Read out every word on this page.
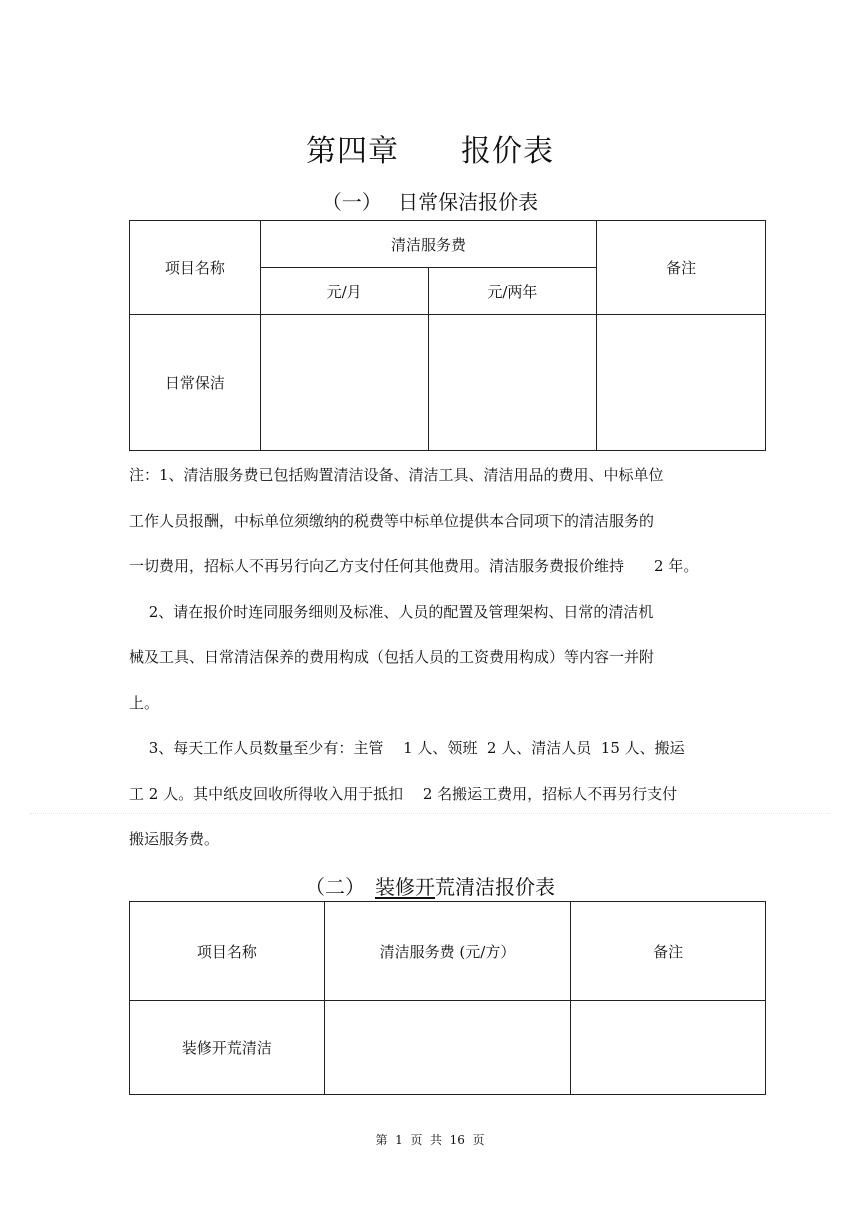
第四章　　报价表
（一）　 日常保洁报价表
项目名称	清洁服务费		备注
	元/月	元/两年	
日常保洁			
注：1、清洁服务费已包括购置清洁设备、清洁工具、清洁用品的费用、中标单位
工作人员报酬，中标单位须缴纳的税费等中标单位提供本合同项下的清洁服务的
一切费用，招标人不再另行向乙方支付任何其他费用。清洁服务费报价维持　　2 年。
　 2、请在报价时连同服务细则及标准、人员的配置及管理架构、日常的清洁机
械及工具、日常清洁保养的费用构成（包括人员的工资费用构成）等内容一并附
上。
　 3、每天工作人员数量至少有：主管　 1 人、领班  2 人、清洁人员  15 人、搬运
工 2 人。其中纸皮回收所得收入用于抵扣　 2 名搬运工费用，招标人不再另行支付
搬运服务费。
（二）　 装修开荒清洁报价表
项目名称	清洁服务费 (元/方）	备注
装修开荒清洁		
第  1  页  共  16  页
